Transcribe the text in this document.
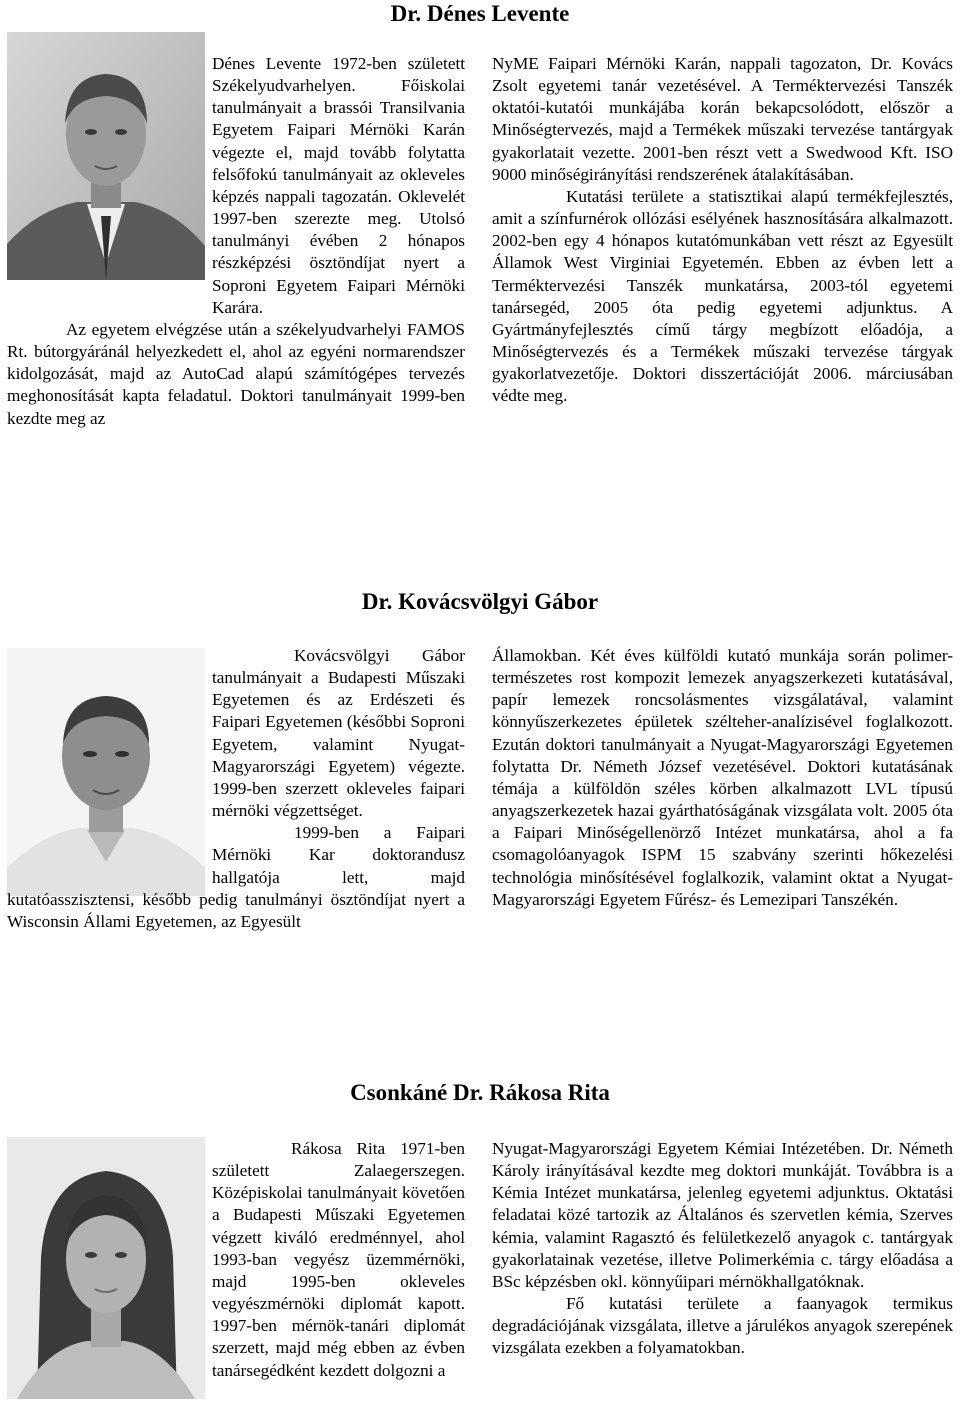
Dr. Dénes Levente

Dénes Levente 1972-ben született Székelyudvarhelyen. Főiskolai tanulmányait a brassói Transilvania Egyetem Faipari Mérnöki Karán végezte el, majd tovább folytatta felsőfokú tanulmányait az okleveles képzés nappali tagozatán. Oklevelét 1997-ben szerezte meg. Utolsó tanulmányi évében 2 hónapos részképzési ösztöndíjat nyert a Soproni Egyetem Faipari Mérnöki Karára.

Az egyetem elvégzése után a székelyudvarhelyi FAMOS Rt. bútorgyáránál helyezkedett el, ahol az egyéni normarendszer kidolgozását, majd az AutoCad alapú számítógépes tervezés meghonosítását kapta feladatul. Doktori tanulmányait 1999-ben kezdte meg az

NyME Faipari Mérnöki Karán, nappali tagozaton, Dr. Kovács Zsolt egyetemi tanár vezetésével. A Terméktervezési Tanszék oktatói-kutatói munkájába korán bekapcsolódott, először a Minőségtervezés, majd a Termékek műszaki tervezése tantárgyak gyakorlatait vezette. 2001-ben részt vett a Swedwood Kft. ISO 9000 minőségirányítási rendszerének átalakításában.

Kutatási területe a statisztikai alapú termékfejlesztés, amit a színfurnérok ollózási esélyének hasznosítására alkalmazott. 2002-ben egy 4 hónapos kutatómunkában vett részt az Egyesült Államok West Virginiai Egyetemén. Ebben az évben lett a Terméktervezési Tanszék munkatársa, 2003-tól egyetemi tanársegéd, 2005 óta pedig egyetemi adjunktus. A Gyártmányfejlesztés című tárgy megbízott előadója, a Minőségtervezés és a Termékek műszaki tervezése tárgyak gyakorlatvezetője. Doktori disszertációját 2006. márciusában védte meg.

Dr. Kovácsvölgyi Gábor

Kovácsvölgyi Gábor tanulmányait a Budapesti Műszaki Egyetemen és az Erdészeti és Faipari Egyetemen (későbbi Soproni Egyetem, valamint Nyugat-Magyarországi Egyetem) végezte. 1999-ben szerzett okleveles faipari mérnöki végzettséget.

1999-ben a Faipari Mérnöki Kar doktorandusz hallgatója lett, majd kutatóasszisztensi, később pedig tanulmányi ösztöndíjat nyert a Wisconsin Állami Egyetemen, az Egyesült

Államokban. Két éves külföldi kutató munkája során polimer-természetes rost kompozit lemezek anyagszerkezeti kutatásával, papír lemezek roncsolásmentes vizsgálatával, valamint könnyűszerkezetes épületek szélteher-analízisével foglalkozott. Ezután doktori tanulmányait a Nyugat-Magyarországi Egyetemen folytatta Dr. Németh József vezetésével. Doktori kutatásának témája a külföldön széles körben alkalmazott LVL típusú anyagszerkezetek hazai gyárthatóságának vizsgálata volt. 2005 óta a Faipari Minőségellenörző Intézet munkatársa, ahol a fa csomagolóanyagok ISPM 15 szabvány szerinti hőkezelési technológia minősítésével foglalkozik, valamint oktat a Nyugat-Magyarországi Egyetem Fűrész- és Lemezipari Tanszékén.

Csonkáné Dr. Rákosa Rita

Rákosa Rita 1971-ben született Zalaegerszegen. Középiskolai tanulmányait követően a Budapesti Műszaki Egyetemen végzett kiváló eredménnyel, ahol 1993-ban vegyész üzemmérnöki, majd 1995-ben okleveles vegyészmérnöki diplomát kapott. 1997-ben mérnök-tanári diplomát szerzett, majd még ebben az évben tanársegédként kezdett dolgozni a

Nyugat-Magyarországi Egyetem Kémiai Intézetében. Dr. Németh Károly irányításával kezdte meg doktori munkáját. Továbbra is a Kémia Intézet munkatársa, jelenleg egyetemi adjunktus. Oktatási feladatai közé tartozik az Általános és szervetlen kémia, Szerves kémia, valamint Ragasztó és felületkezelő anyagok c. tantárgyak gyakorlatainak vezetése, illetve Polimerkémia c. tárgy előadása a BSc képzésben okl. könnyűipari mérnökhallgatóknak.

Fő kutatási területe a faanyagok termikus degradációjának vizsgálata, illetve a járulékos anyagok szerepének vizsgálata ezekben a folyamatokban.
